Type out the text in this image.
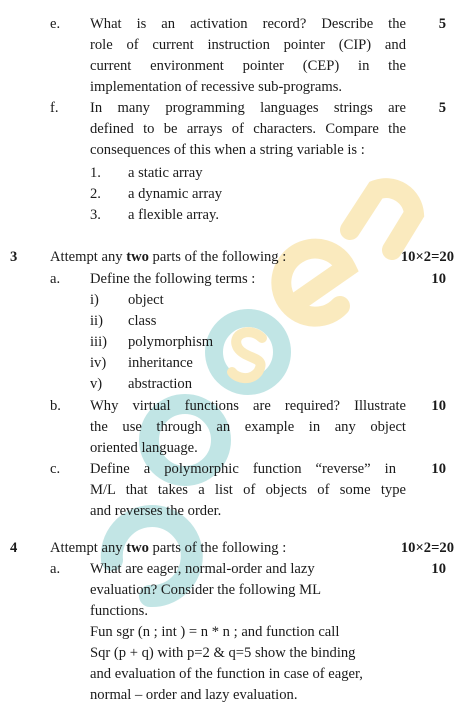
e.	5
What is an activation record? Describe the
role of current instruction pointer (CIP) and
current environment pointer (CEP) in the
implementation of recessive sub-programs.
f.	5
In many programming languages strings are
defined to be arrays of characters. Compare the
consequences of this when a string variable is :
1. a static array
2. a dynamic array
3. a flexible array.
3 Attempt any two parts of the following :	10×2=20
a. Define the following terms :	10
i) object
ii) class
iii) polymorphism
iv) inheritance
v) abstraction
b.	10
Why virtual functions are required? Illustrate
the use through an example in any object
oriented language.
c.	10
Define a polymorphic function “reverse” in
M/L that takes a list of objects of some type
and reverses the order.
4 Attempt any two parts of the following :	10×2=20
a.	10
What are eager, normal-order and lazy
evaluation? Consider the following ML
functions.
Fun sgr (n ; int ) = n * n ; and function call
Sqr (p + q) with p=2 & q=5 show the binding
and evaluation of the function in case of eager,
normal – order and lazy evaluation.
